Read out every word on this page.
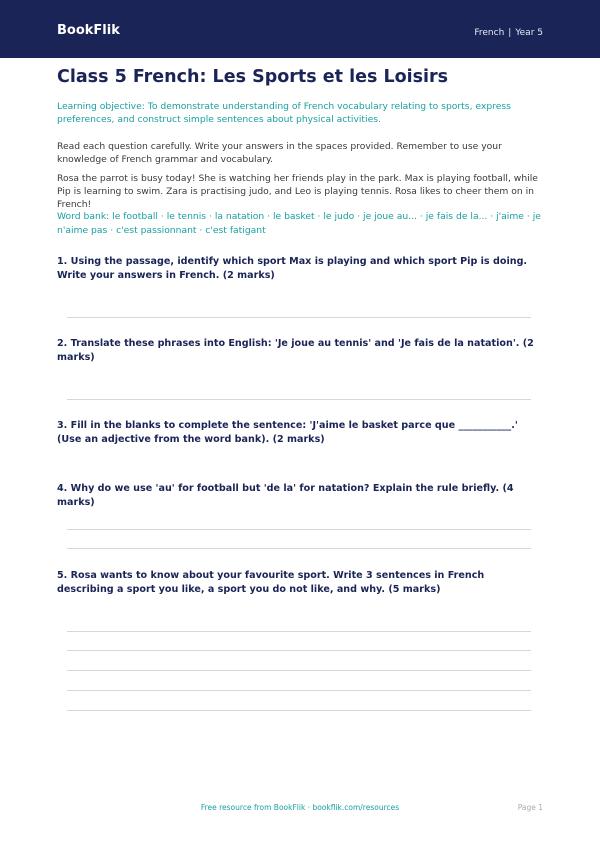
BookFlik	French | Year 5
Class 5 French: Les Sports et les Loisirs

Learning objective: To demonstrate understanding of French vocabulary relating to sports, express preferences, and construct simple sentences about physical activities.

Read each question carefully. Write your answers in the spaces provided. Remember to use your knowledge of French grammar and vocabulary.

Rosa the parrot is busy today! She is watching her friends play in the park. Max is playing football, while Pip is learning to swim. Zara is practising judo, and Leo is playing tennis. Rosa likes to cheer them on in French!

Word bank: le football · le tennis · la natation · le basket · le judo · je joue au... · je fais de la... · j'aime · je n'aime pas · c'est passionnant · c'est fatigant

1. Using the passage, identify which sport Max is playing and which sport Pip is doing. Write your answers in French. (2 marks)

2. Translate these phrases into English: 'Je joue au tennis' and 'Je fais de la natation'. (2 marks)

3. Fill in the blanks to complete the sentence: 'J'aime le basket parce que ___________.' (Use an adjective from the word bank). (2 marks)

4. Why do we use 'au' for football but 'de la' for natation? Explain the rule briefly. (4 marks)

5. Rosa wants to know about your favourite sport. Write 3 sentences in French describing a sport you like, a sport you do not like, and why. (5 marks)

Free resource from BookFlik · bookflik.com/resources	Page 1
